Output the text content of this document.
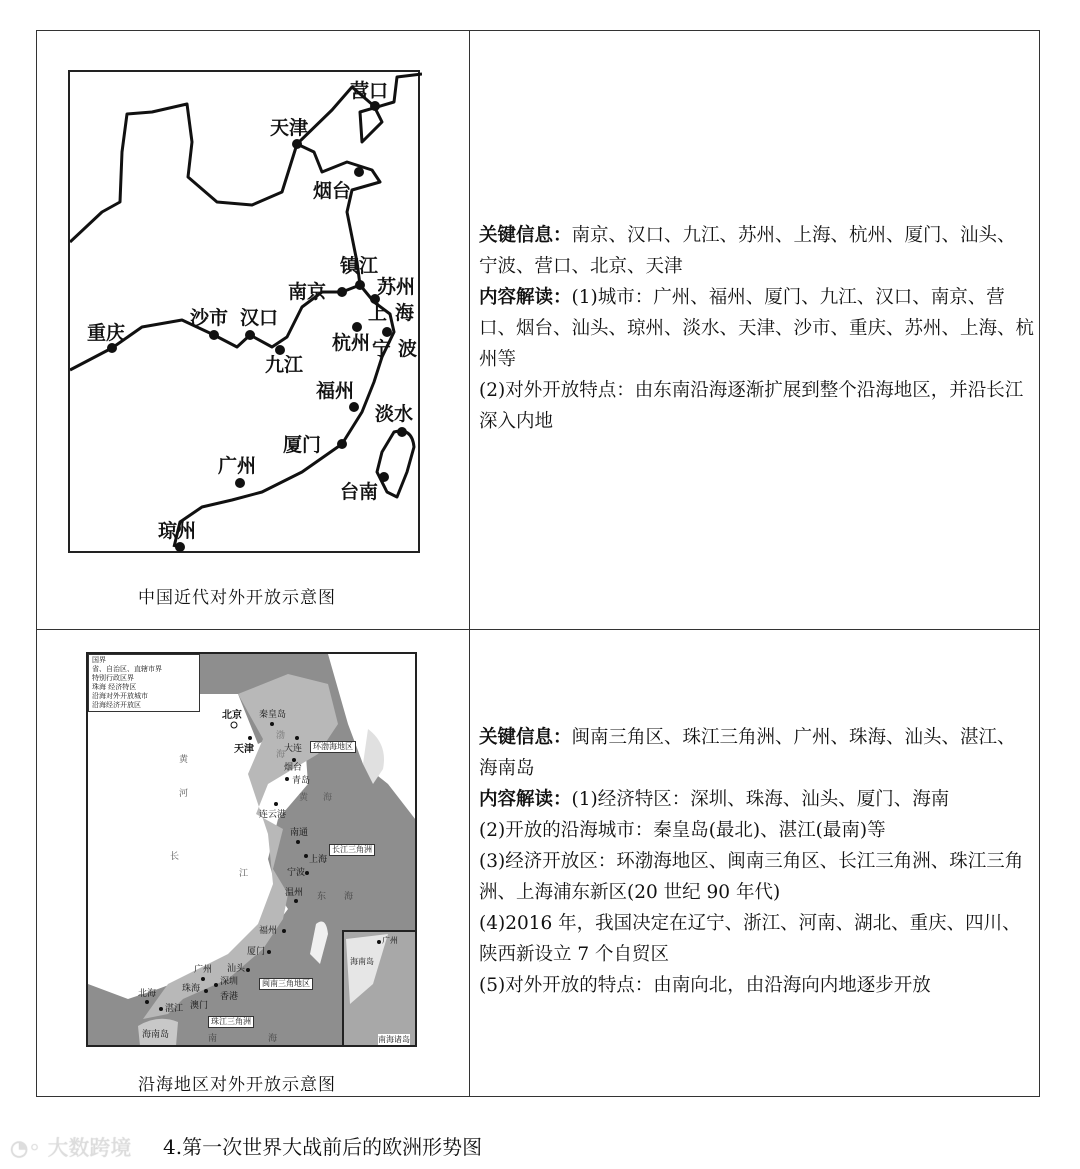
营口
天津
烟台
镇江
苏州
上 海
南京
沙市 汉口
重庆
九江
杭州 宁 波
福州
淡水
厦门
广州
台南
琼州
中国近代对外开放示意图

关键信息：南京、汉口、九江、苏州、上海、杭州、厦门、汕头、宁波、营口、北京、天津

内容解读：(1)城市：广州、福州、厦门、九江、汉口、南京、营口、烟台、汕头、琼州、淡水、天津、沙市、重庆、苏州、上海、杭州等

(2)对外开放特点：由东南沿海逐渐扩展到整个沿海地区，并沿长江深入内地

国界
省、自治区、直辖市界
特别行政区界
珠海 经济特区
沿海对外开放城市
沿海经济开放区
北京 秦皇岛
天津	大连	环渤海地区
烟台
青岛
连云港
南通
长江三角洲
上海
宁波
温州
福州
厦门
汕头
闽南三角地区
广州
深圳
珠海
香港
澳门
北海
湛江
珠江三角洲
海南岛
广州
海南岛
南海诸岛
渤
海
黄 海
东 海
南	海
黄
河
长
江
沿海地区对外开放示意图

关键信息：闽南三角区、珠江三角洲、广州、珠海、汕头、湛江、海南岛

内容解读：(1)经济特区：深圳、珠海、汕头、厦门、海南

(2)开放的沿海城市：秦皇岛(最北)、湛江(最南)等

(3)经济开放区：环渤海地区、闽南三角区、长江三角洲、珠江三角洲、上海浦东新区(20 世纪 90 年代)

(4)2016 年，我国决定在辽宁、浙江、河南、湖北、重庆、四川、陕西新设立 7 个自贸区

(5)对外开放的特点：由南向北，由沿海向内地逐步开放

◔◦ 大数跨境 4.第一次世界大战前后的欧洲形势图
